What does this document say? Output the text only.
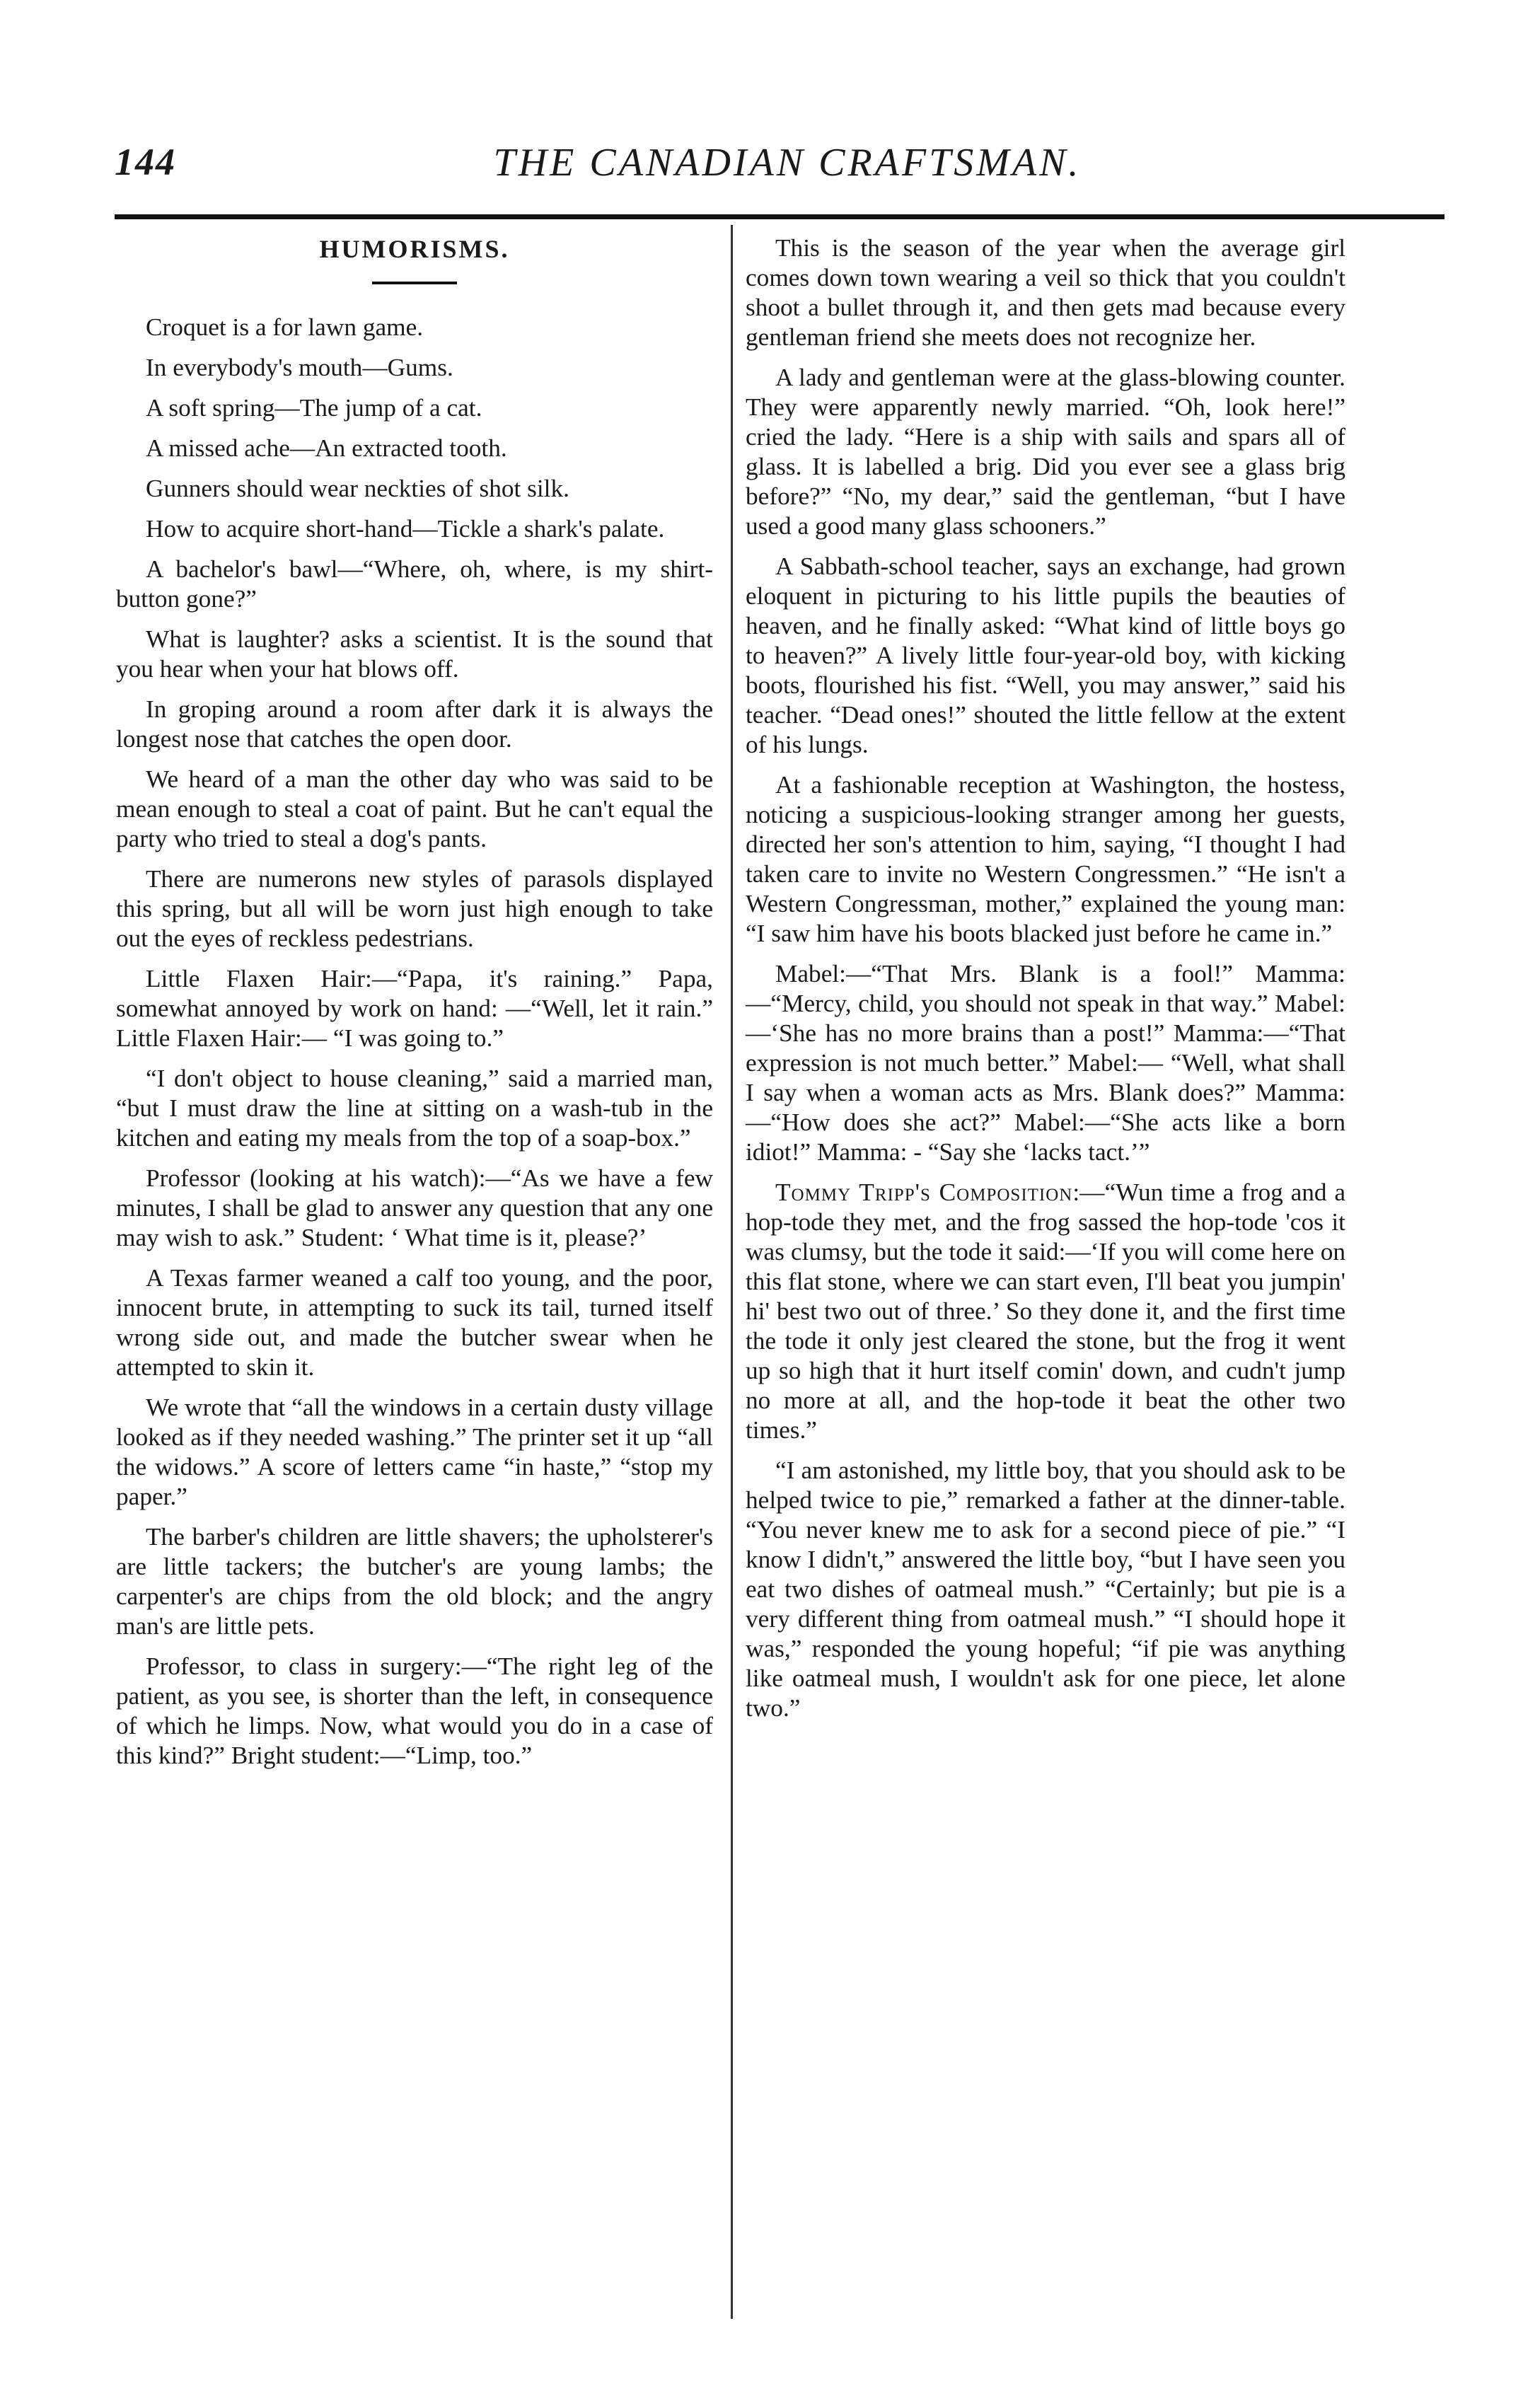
144	THE CANADIAN CRAFTSMAN.
HUMORISMS.

Croquet is a for lawn game.

In everybody's mouth—Gums.

A soft spring—The jump of a cat.

A missed ache—An extracted tooth.

Gunners should wear neckties of shot silk.

How to acquire short-hand—Tickle a shark's palate.

A bachelor's bawl—“Where, oh, where, is my shirt-button gone?”

What is laughter? asks a scientist. It is the sound that you hear when your hat blows off.

In groping around a room after dark it is always the longest nose that catches the open door.

We heard of a man the other day who was said to be mean enough to steal a coat of paint. But he can't equal the party who tried to steal a dog's pants.

There are numerons new styles of parasols displayed this spring, but all will be worn just high enough to take out the eyes of reckless pedestrians.

Little Flaxen Hair:—“Papa, it's raining.” Papa, somewhat annoyed by work on hand: —“Well, let it rain.” Little Flaxen Hair:— “I was going to.”

“I don't object to house cleaning,” said a married man, “but I must draw the line at sitting on a wash-tub in the kitchen and eating my meals from the top of a soap-box.”

Professor (looking at his watch):—“As we have a few minutes, I shall be glad to answer any question that any one may wish to ask.” Student: ‘ What time is it, please?’

A Texas farmer weaned a calf too young, and the poor, innocent brute, in attempting to suck its tail, turned itself wrong side out, and made the butcher swear when he attempted to skin it.

We wrote that “all the windows in a certain dusty village looked as if they needed washing.” The printer set it up “all the widows.” A score of letters came “in haste,” “stop my paper.”

The barber's children are little shavers; the upholsterer's are little tackers; the butcher's are young lambs; the carpenter's are chips from the old block; and the angry man's are little pets.

Professor, to class in surgery:—“The right leg of the patient, as you see, is shorter than the left, in consequence of which he limps. Now, what would you do in a case of this kind?” Bright student:—“Limp, too.”

This is the season of the year when the average girl comes down town wearing a veil so thick that you couldn't shoot a bullet through it, and then gets mad because every gentleman friend she meets does not recognize her.

A lady and gentleman were at the glass-blowing counter. They were apparently newly married. “Oh, look here!” cried the lady. “Here is a ship with sails and spars all of glass. It is labelled a brig. Did you ever see a glass brig before?” “No, my dear,” said the gentleman, “but I have used a good many glass schooners.”

A Sabbath-school teacher, says an exchange, had grown eloquent in picturing to his little pupils the beauties of heaven, and he finally asked: “What kind of little boys go to heaven?” A lively little four-year-old boy, with kicking boots, flourished his fist. “Well, you may answer,” said his teacher. “Dead ones!” shouted the little fellow at the extent of his lungs.

At a fashionable reception at Washington, the hostess, noticing a suspicious-looking stranger among her guests, directed her son's attention to him, saying, “I thought I had taken care to invite no Western Congressmen.” “He isn't a Western Congressman, mother,” explained the young man: “I saw him have his boots blacked just before he came in.”

Mabel:—“That Mrs. Blank is a fool!” Mamma:—“Mercy, child, you should not speak in that way.” Mabel:—‘She has no more brains than a post!” Mamma:—“That expression is not much better.” Mabel:— “Well, what shall I say when a woman acts as Mrs. Blank does?” Mamma:—“How does she act?” Mabel:—“She acts like a born idiot!” Mamma: - “Say she ‘lacks tact.’”

Tommy Tripp's Composition:—“Wun time a frog and a hop-tode they met, and the frog sassed the hop-tode 'cos it was clumsy, but the tode it said:—‘If you will come here on this flat stone, where we can start even, I'll beat you jumpin' hi' best two out of three.’ So they done it, and the first time the tode it only jest cleared the stone, but the frog it went up so high that it hurt itself comin' down, and cudn't jump no more at all, and the hop-tode it beat the other two times.”

“I am astonished, my little boy, that you should ask to be helped twice to pie,” remarked a father at the dinner-table. “You never knew me to ask for a second piece of pie.” “I know I didn't,” answered the little boy, “but I have seen you eat two dishes of oatmeal mush.” “Certainly; but pie is a very different thing from oatmeal mush.” “I should hope it was,” responded the young hopeful; “if pie was anything like oatmeal mush, I wouldn't ask for one piece, let alone two.”
